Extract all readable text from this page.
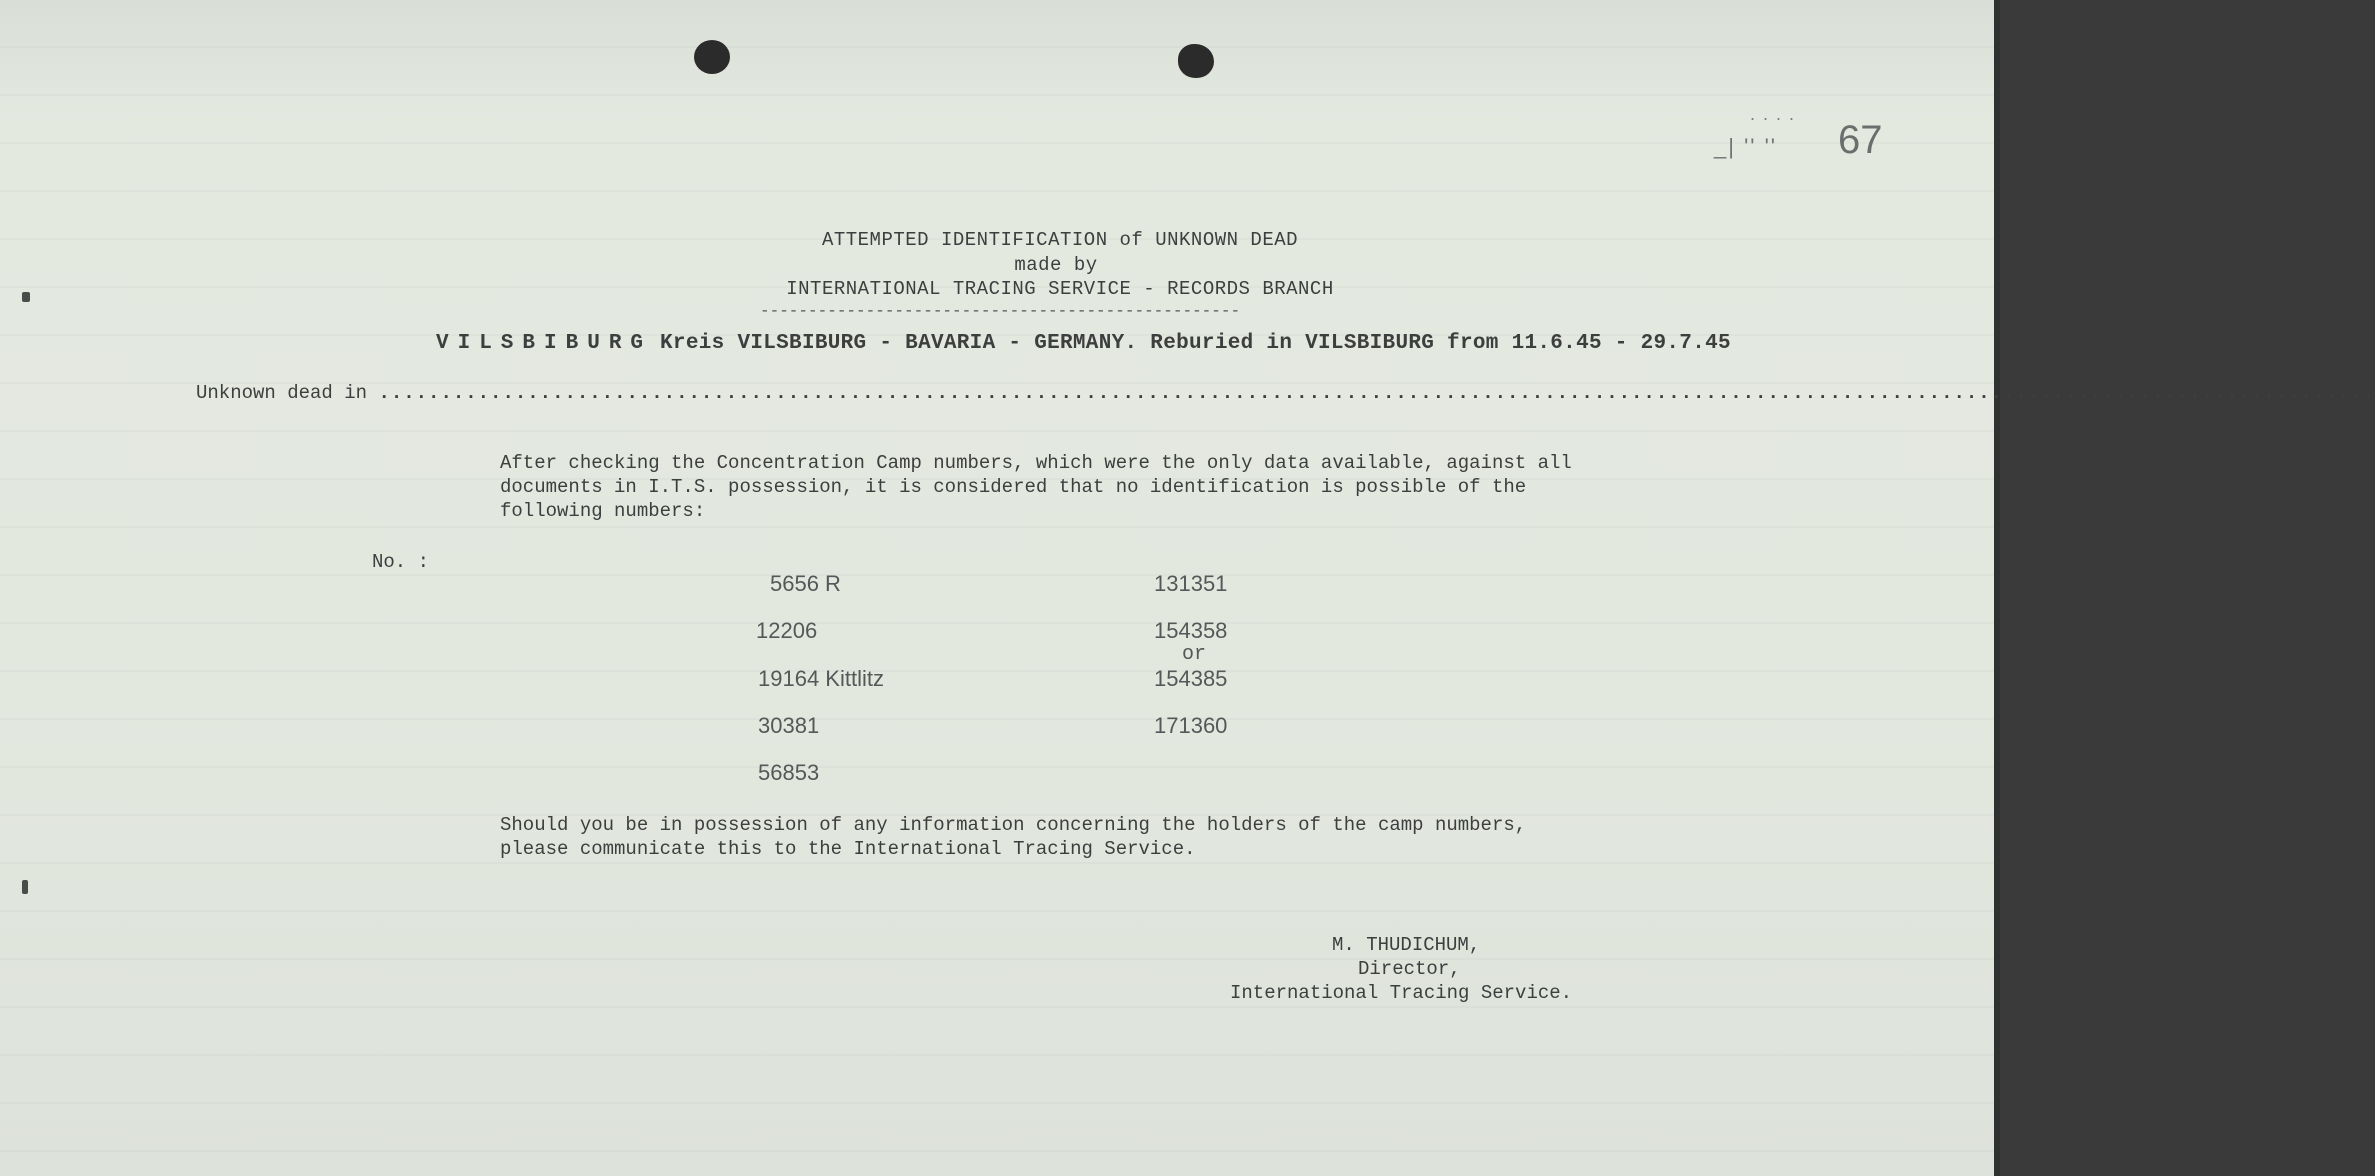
....
_| '' '' 67
ATTEMPTED IDENTIFICATION of UNKNOWN DEAD
made by
INTERNATIONAL TRACING SERVICE - RECORDS BRANCH
--------------------------------------------------
VILSBIBURG Kreis VILSBIBURG - BAVARIA - GERMANY. Reburied in VILSBIBURG from 11.6.45 - 29.7.45
Unknown dead in .................................................................................................................................................................
After checking the Concentration Camp numbers, which were the only data available, against all
documents in I.T.S. possession, it is considered that no identification is possible of the
following numbers:
No. :
5656 R
12206
19164 Kittlitz
30381
56853
131351
154358
or
154385
171360
Should you be in possession of any information concerning the holders of the camp numbers,
please communicate this to the International Tracing Service.
M. THUDICHUM,
Director,
International Tracing Service.
